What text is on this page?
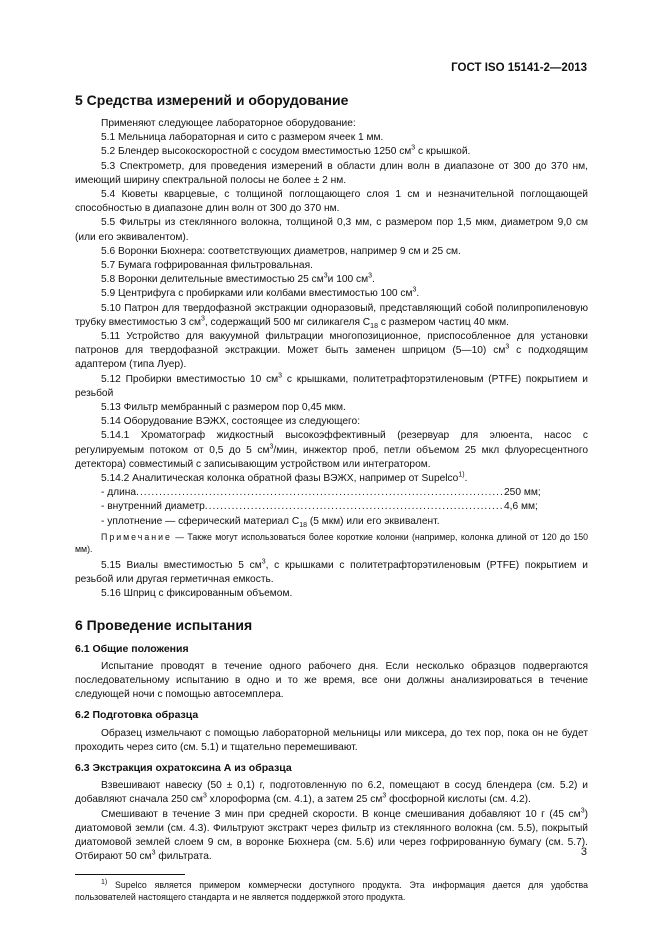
ГОСТ ISO 15141-2—2013
5 Средства измерений и оборудование

Применяют следующее лабораторное оборудование:

5.1 Мельница лабораторная и сито с размером ячеек 1 мм.

5.2 Блендер высокоскоростной с сосудом вместимостью 1250 $см^3$ с крышкой.

5.3 Спектрометр, для проведения измерений в области длин волн в диапазоне от 300 до 370 нм, имеющий ширину спектральной полосы не более ± 2 нм.

5.4 Кюветы кварцевые, с толщиной поглощающего слоя 1 см и незначительной поглощающей способностью в диапазоне длин волн от 300 до 370 нм.

5.5 Фильтры из стеклянного волокна, толщиной 0,3 мм, с размером пор 1,5 мкм, диаметром 9,0 см (или его эквивалентом).

5.6 Воронки Бюхнера: соответствующих диаметров, например 9 см и 25 см.

5.7 Бумага гофрированная фильтровальная.

5.8 Воронки делительные вместимостью 25 $см^3и$ 100 $см^3$.

5.9 Центрифуга с пробирками или колбами вместимостью 100 $см^3$.

5.10 Патрон для твердофазной экстракции одноразовый, представляющий собой полипропиленовую трубку вместимостью 3 $см^3$, содержащий 500 мг силикагеля $C_{18}$ с размером частиц 40 мкм.

5.11 Устройство для вакуумной фильтрации многопозиционное, приспособленное для установки патронов для твердофазной экстракции. Может быть заменен шприцом (5—10) $см^3$ с подходящим адаптером (типа Луер).

5.12 Пробирки вместимостью 10 $см^3$ с крышками, политетрафторэтиленовым (PTFE) покрытием и резьбой

5.13 Фильтр мембранный с размером пор 0,45 мкм.

5.14 Оборудование ВЭЖХ, состоящее из следующего:

5.14.1 Хроматограф жидкостный высокоэффективный (резервуар для элюента, насос с регулируемым потоком от 0,5 до 5 $см^3$/мин, инжектор проб, петли объемом 25 мкл флуоресцентного детектора) совместимый с записывающим устройством или интегратором.

5.14.2 Аналитическая колонка обратной фазы ВЭЖХ, например от Supelco$^{1)}$.

- длина .....	250 мм;
- внутренний диаметр .....	4,6 мм;

- уплотнение — сферический материал $C_{18}$ (5 мкм) или его эквивалент.

Примечание — Также могут использоваться более короткие колонки (например, колонка длиной от 120 до 150 мм).

5.15 Виалы вместимостью 5 $см^3$, с крышками с политетрафторэтиленовым (PTFE) покрытием и резьбой или другая герметичная емкость.

5.16 Шприц с фиксированным объемом.

6 Проведение испытания
6.1 Общие положения

Испытание проводят в течение одного рабочего дня. Если несколько образцов подвергаются последовательному испытанию в одно и то же время, все они должны анализироваться в течение следующей ночи с помощью автосемплера.

6.2 Подготовка образца

Образец измельчают с помощью лабораторной мельницы или миксера, до тех пор, пока он не будет проходить через сито (см. 5.1) и тщательно перемешивают.

6.3 Экстракция охратоксина А из образца

Взвешивают навеску (50 ± 0,1) г, подготовленную по 6.2, помещают в сосуд блендера (см. 5.2) и добавляют сначала 250 $см^3$ хлороформа (см. 4.1), а затем 25 $см^3$ фосфорной кислоты (см. 4.2).

Смешивают в течение 3 мин при средней скорости. В конце смешивания добавляют 10 г (45 $см^3$) диатомовой земли (см. 4.3). Фильтруют экстракт через фильтр из стеклянного волокна (см. 5.5), покрытый диатомовой землей слоем 9 см, в воронке Бюхнера (см. 5.6) или через гофрированную бумагу (см. 5.7). Отбирают 50 $см^3$ фильтрата.

$^{1)}$ Supelco является примером коммерчески доступного продукта. Эта информация дается для удобства пользователей настоящего стандарта и не является поддержкой этого продукта.

3
